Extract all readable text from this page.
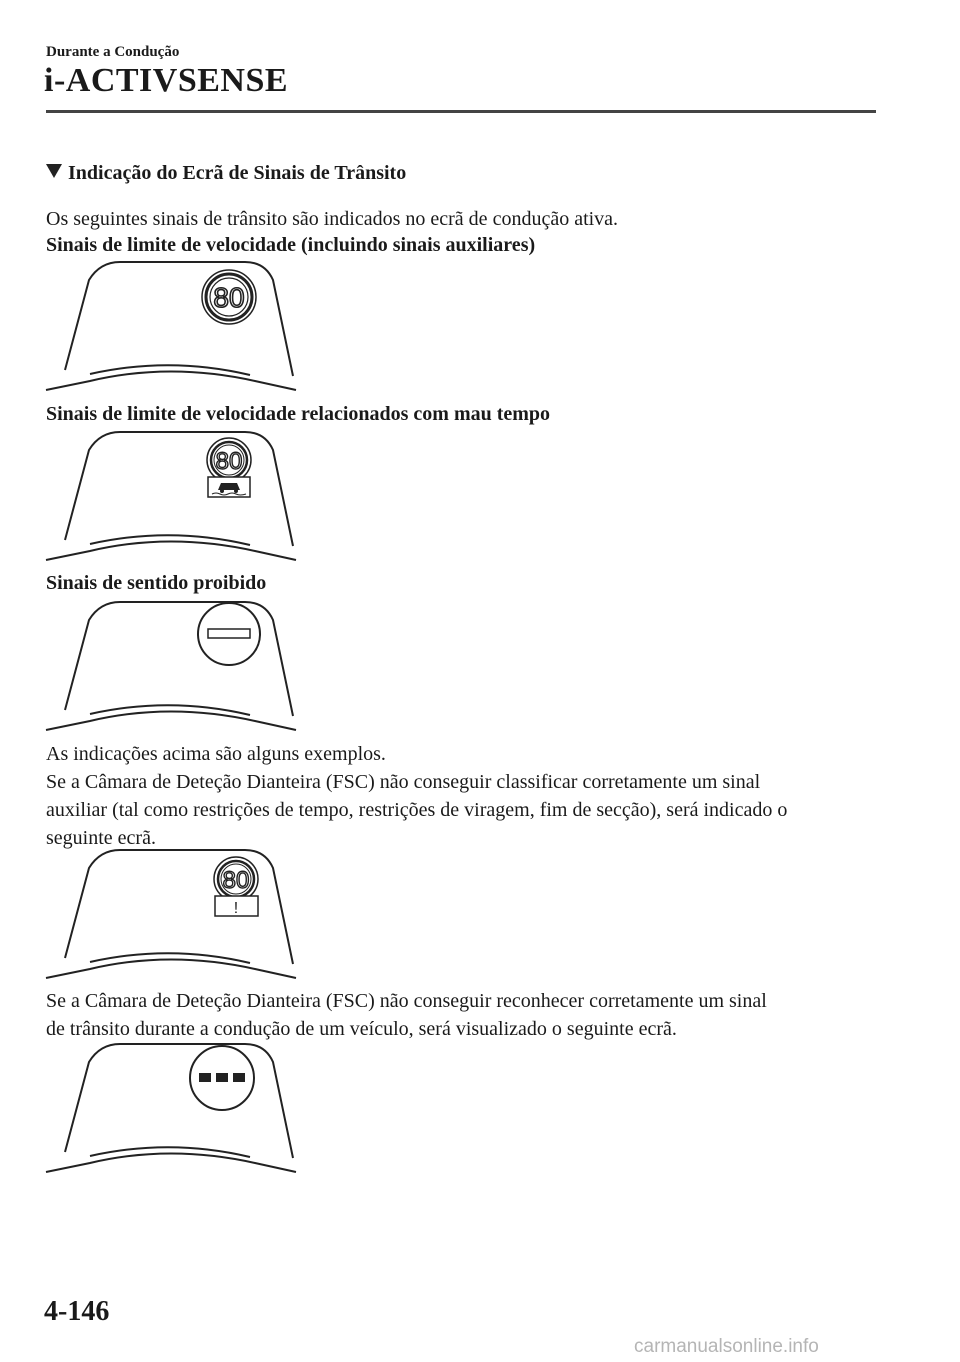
Durante a Condução
i-ACTIVSENSE
Indicação do Ecrã de Sinais de Trânsito
Os seguintes sinais de trânsito são indicados no ecrã de condução ativa.
Sinais de limite de velocidade (incluindo sinais auxiliares)
80
Sinais de limite de velocidade relacionados com mau tempo
80
Sinais de sentido proibido
As indicações acima são alguns exemplos.
Se a Câmara de Deteção Dianteira (FSC) não conseguir classificar corretamente um sinal
auxiliar (tal como restrições de tempo, restrições de viragem, fim de secção), será indicado o
seguinte ecrã.
80
!
Se a Câmara de Deteção Dianteira (FSC) não conseguir reconhecer corretamente um sinal
de trânsito durante a condução de um veículo, será visualizado o seguinte ecrã.
4-146
carmanualsonline.info
